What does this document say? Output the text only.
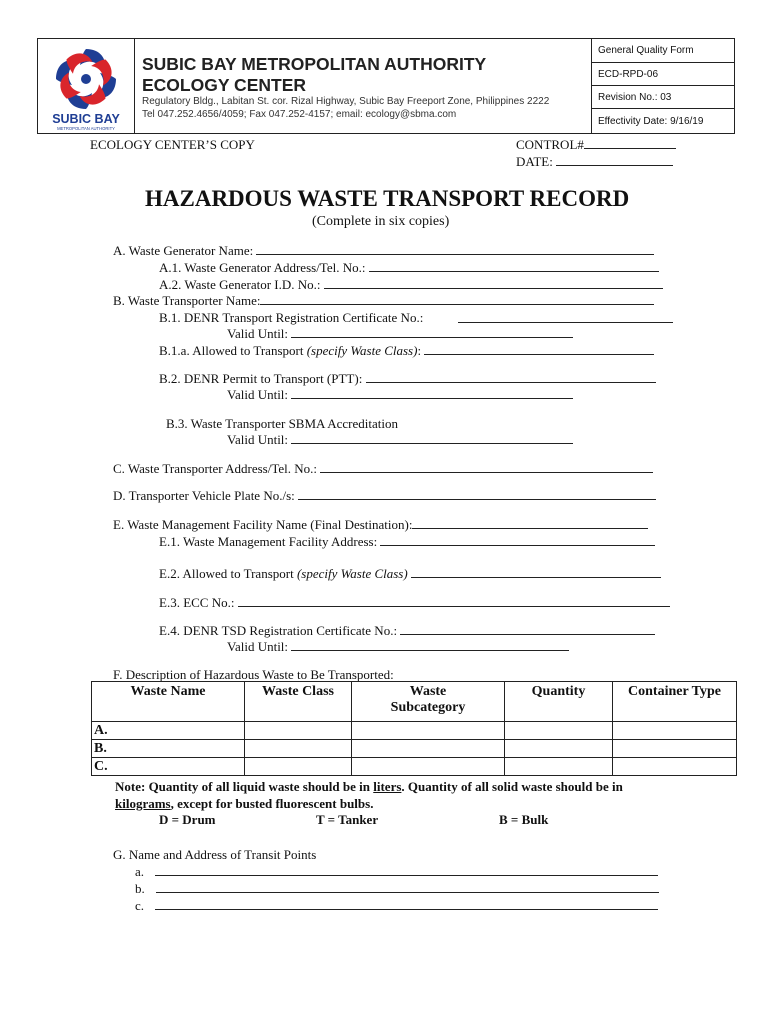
SUBIC BAY
METROPOLITAN AUTHORITY
SUBIC BAY METROPOLITAN AUTHORITY
ECOLOGY CENTER
Regulatory Bldg., Labitan St. cor. Rizal Highway, Subic Bay Freeport Zone, Philippines 2222
Tel 047.252.4656/4059; Fax 047.252-4157; email: ecology@sbma.com
General Quality Form
ECD-RPD-06
Revision No.: 03
Effectivity Date: 9/16/19
ECOLOGY CENTER’S COPY	CONTROL#
DATE:
HAZARDOUS WASTE TRANSPORT RECORD
(Complete in six copies)
A. Waste Generator Name:
A.1. Waste Generator Address/Tel. No.:
A.2. Waste Generator I.D. No.:
B. Waste Transporter Name:
B.1. DENR Transport Registration Certificate No.:
Valid Until:
B.1.a. Allowed to Transport (specify Waste Class):
B.2. DENR Permit to Transport (PTT):
Valid Until:
B.3. Waste Transporter SBMA Accreditation
Valid Until:
C. Waste Transporter Address/Tel. No.:
D. Transporter Vehicle Plate No./s:
E. Waste Management Facility Name (Final Destination):
E.1. Waste Management Facility Address:
E.2. Allowed to Transport (specify Waste Class)
E.3. ECC No.:
E.4. DENR TSD Registration Certificate No.:
Valid Until:
F. Description of Hazardous Waste to Be Transported:
Waste Name	Waste Class	Waste Subcategory	Quantity	Container Type
A.				
B.				
C.				
Note: Quantity of all liquid waste should be in liters. Quantity of all solid waste should be in
kilograms, except for busted fluorescent bulbs.
D = Drum	T = Tanker	B = Bulk
G. Name and Address of Transit Points
a.
b.
c.
